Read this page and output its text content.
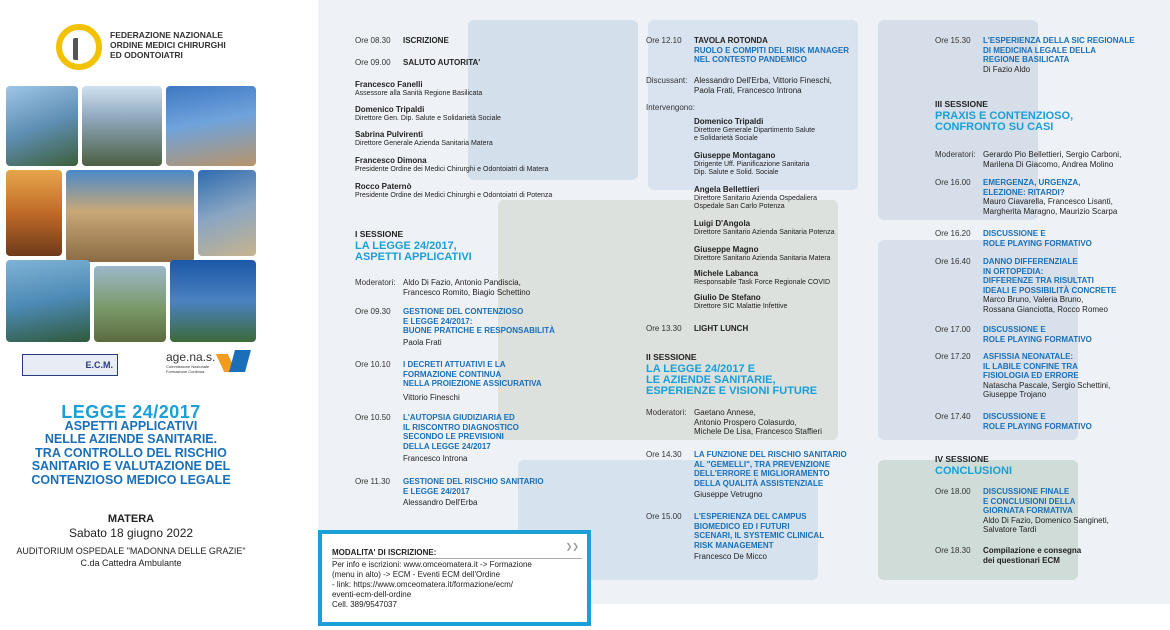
FEDERAZIONE NAZIONALE
ORDINE MEDICI CHIRURGHI
ED ODONTOIATRI
E.C.M.
age.na.s.
Commissione Nazionale Formazione Continua
LEGGE 24/2017
ASPETTI APPLICATIVI
NELLE AZIENDE SANITARIE.
TRA CONTROLLO DEL RISCHIO
SANITARIO E VALUTAZIONE DEL
CONTENZIOSO MEDICO LEGALE
MATERA
Sabato 18 giugno 2022
AUDITORIUM OSPEDALE "MADONNA DELLE GRAZIE"
C.da Cattedra Ambulante
Ore 08.30 ISCRIZIONE
Ore 09.00 SALUTO AUTORITA'
Francesco Fanelli
Assessore alla Sanità Regione Basilicata
Domenico Tripaldi
Direttore Gen. Dip. Salute e Solidarietà Sociale
Sabrina Pulvirenti
Direttore Generale Azienda Sanitaria Matera
Francesco Dimona
Presidente Ordine dei Medici Chirurghi e Odontoiatri di Matera
Rocco Paternò
Presidente Ordine dei Medici Chirurghi e Odontoiatri di Potenza
I SESSIONE
LA LEGGE 24/2017,
ASPETTI APPLICATIVI
Moderatori: Aldo Di Fazio, Antonio Pandiscia,
Francesco Romito, Biagio Schettino
Ore 09.30 GESTIONE DEL CONTENZIOSO
E LEGGE 24/2017:
BUONE PRATICHE E RESPONSABILITÀ
Paola Frati
Ore 10.10 I DECRETI ATTUATIVI E LA
FORMAZIONE CONTINUA
NELLA PROIEZIONE ASSICURATIVA
Vittorio Fineschi
Ore 10.50 L'AUTOPSIA GIUDIZIARIA ED
IL RISCONTRO DIAGNOSTICO
SECONDO LE PREVISIONI
DELLA LEGGE 24/2017
Francesco Introna
Ore 11.30 GESTIONE DEL RISCHIO SANITARIO
E LEGGE 24/2017
Alessandro Dell'Erba
Ore 12.10 TAVOLA ROTONDA
RUOLO E COMPITI DEL RISK MANAGER
NEL CONTESTO PANDEMICO
Discussant: Alessandro Dell'Erba, Vittorio Fineschi,
Paola Frati, Francesco Introna
Intervengono:
Domenico Tripaldi
Direttore Generale Dipartimento Salute
e Solidarietà Sociale
Giuseppe Montagano
Dirigente Uff. Pianificazione Sanitaria
Dip. Salute e Solid. Sociale
Angela Bellettieri
Direttore Sanitario Azienda Ospedaliera
Ospedale San Carlo Potenza
Luigi D'Angola
Direttore Sanitario Azienda Sanitaria Potenza
Giuseppe Magno
Direttore Sanitario Azienda Sanitaria Matera
Michele Labanca
Responsabile Task Force Regionale COVID
Giulio De Stefano
Direttore SIC Malattie Infettive
Ore 13.30 LIGHT LUNCH
II SESSIONE
LA LEGGE 24/2017 E
LE AZIENDE SANITARIE,
ESPERIENZE E VISIONI FUTURE
Moderatori: Gaetano Annese,
Antonio Prospero Colasurdo,
Michele De Lisa, Francesco Staffieri
Ore 14.30 LA FUNZIONE DEL RISCHIO SANITARIO
AL "GEMELLI", TRA PREVENZIONE
DELL'ERRORE E MIGLIORAMENTO
DELLA QUALITÀ ASSISTENZIALE
Giuseppe Vetrugno
Ore 15.00 L'ESPERIENZA DEL CAMPUS
BIOMEDICO ED I FUTURI
SCENARI, IL SYSTEMIC CLINICAL
RISK MANAGEMENT
Francesco De Micco
Ore 15.30 L'ESPERIENZA DELLA SIC REGIONALE
DI MEDICINA LEGALE DELLA
REGIONE BASILICATA
Di Fazio Aldo
III SESSIONE
PRAXIS E CONTENZIOSO,
CONFRONTO SU CASI
Moderatori: Gerardo Pio Bellettieri, Sergio Carboni,
Marilena Di Giacomo, Andrea Molino
Ore 16.00 EMERGENZA, URGENZA,
ELEZIONE: RITARDI?
Mauro Ciavarella, Francesco Lisanti,
Margherita Maragno, Maurizio Scarpa
Ore 16.20 DISCUSSIONE E
ROLE PLAYING FORMATIVO
Ore 16.40 DANNO DIFFERENZIALE
IN ORTOPEDIA:
DIFFERENZE TRA RISULTATI
IDEALI E POSSIBILITÀ CONCRETE
Marco Bruno, Valeria Bruno,
Rossana Gianciotta, Rocco Romeo
Ore 17.00 DISCUSSIONE E
ROLE PLAYING FORMATIVO
Ore 17.20 ASFISSIA NEONATALE:
IL LABILE CONFINE TRA
FISIOLOGIA ED ERRORE
Natascha Pascale, Sergio Schettini,
Giuseppe Trojano
Ore 17.40 DISCUSSIONE E
ROLE PLAYING FORMATIVO
IV SESSIONE
CONCLUSIONI
Ore 18.00 DISCUSSIONE FINALE
E CONCLUSIONI DELLA
GIORNATA FORMATIVA
Aldo Di Fazio, Domenico Sangineti,
Salvatore Tardi
Ore 18.30 Compilazione e consegna
dei questionari ECM
❯❯
MODALITA' DI ISCRIZIONE:
Per info e iscrizioni: www.omceomatera.it -> Formazione
(menu in alto) -> ECM - Eventi ECM dell'Ordine
- link: https://www.omceomatera.it/formazione/ecm/
eventi-ecm-dell-ordine
Cell. 389/9547037
